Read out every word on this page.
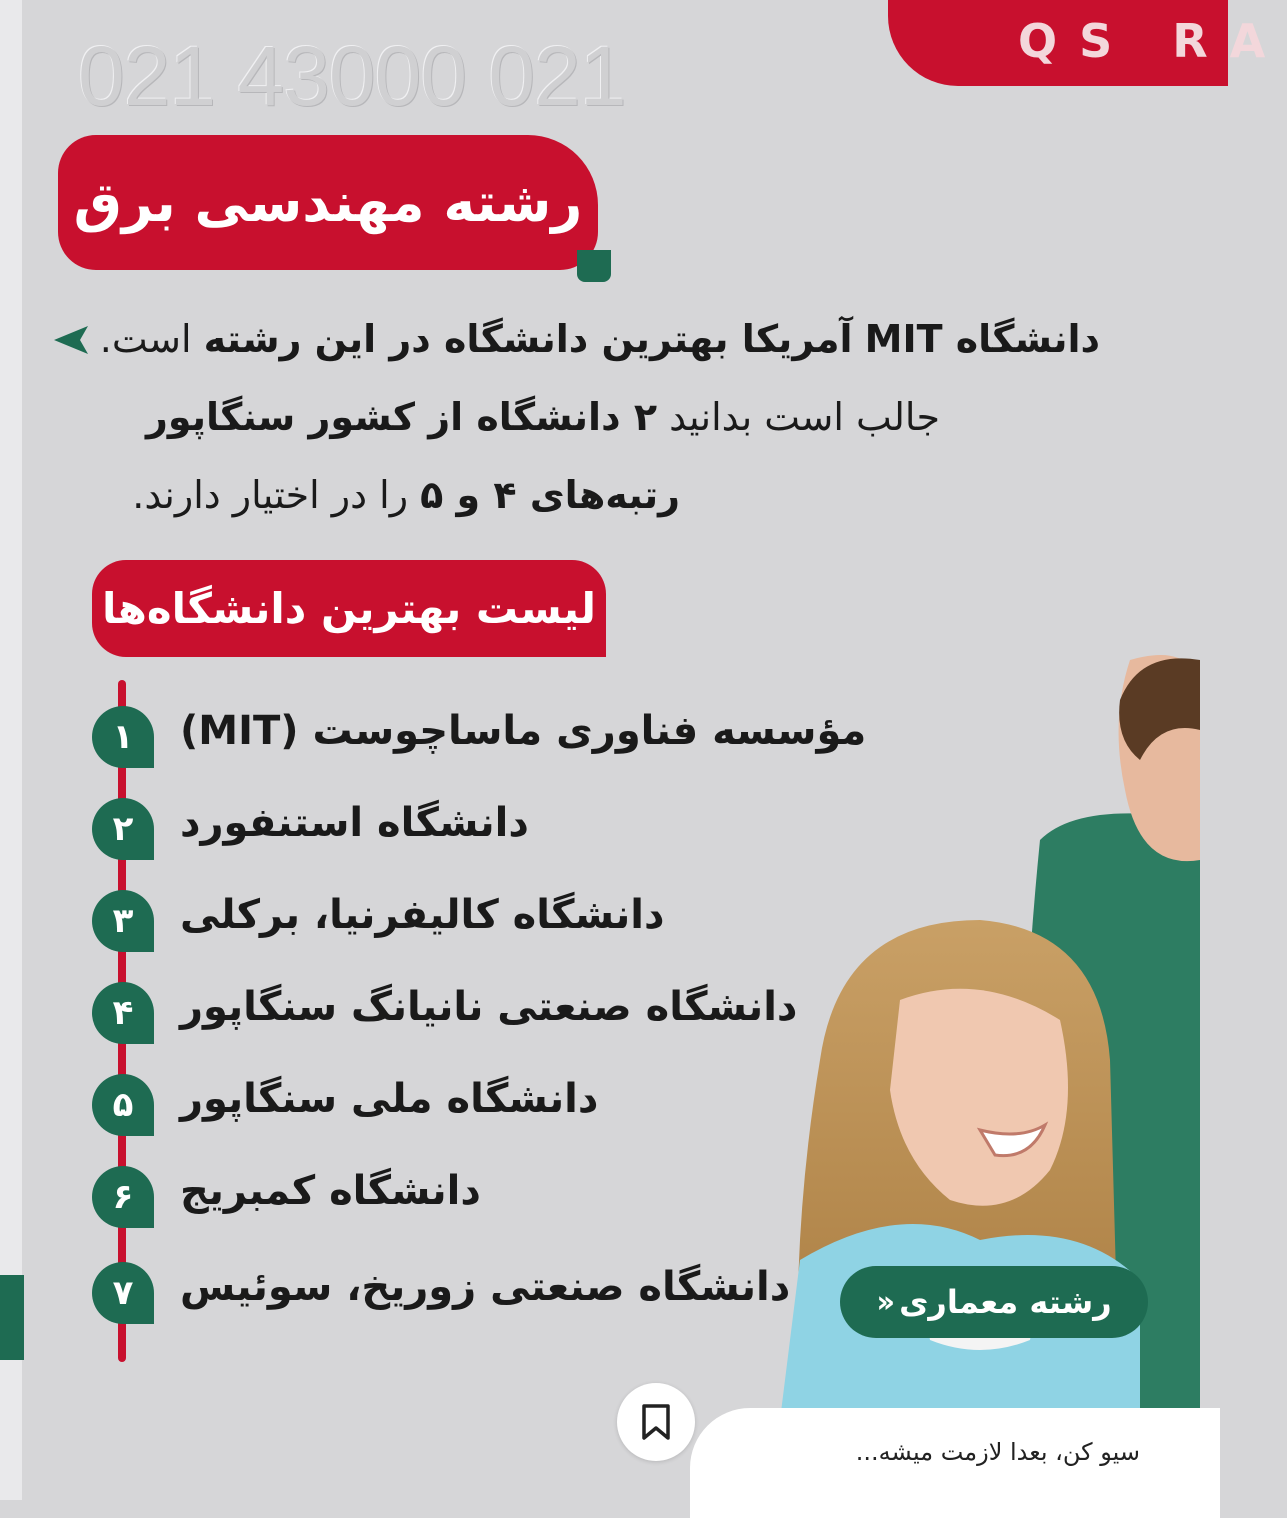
QS RA
021 43000 021
رشته مهندسی برق

دانشگاه MIT آمریکا بهترین دانشگاه در این رشته است.

جالب است بدانید ۲ دانشگاه از کشور سنگاپور

رتبه‌های ۴ و ۵ را در اختیار دارند.

لیست بهترین دانشگاه‌ها
۱	مؤسسه فناوری ماساچوست (MIT)
۲	دانشگاه استنفورد
۳	دانشگاه کالیفرنیا، برکلی
۴	دانشگاه صنعتی نانیانگ سنگاپور
۵	دانشگاه ملی سنگاپور
۶	دانشگاه کمبریج
۷	دانشگاه صنعتی زوریخ، سوئیس	رشته معماری
‹‹
سیو کن، بعدا لازمت میشه...
